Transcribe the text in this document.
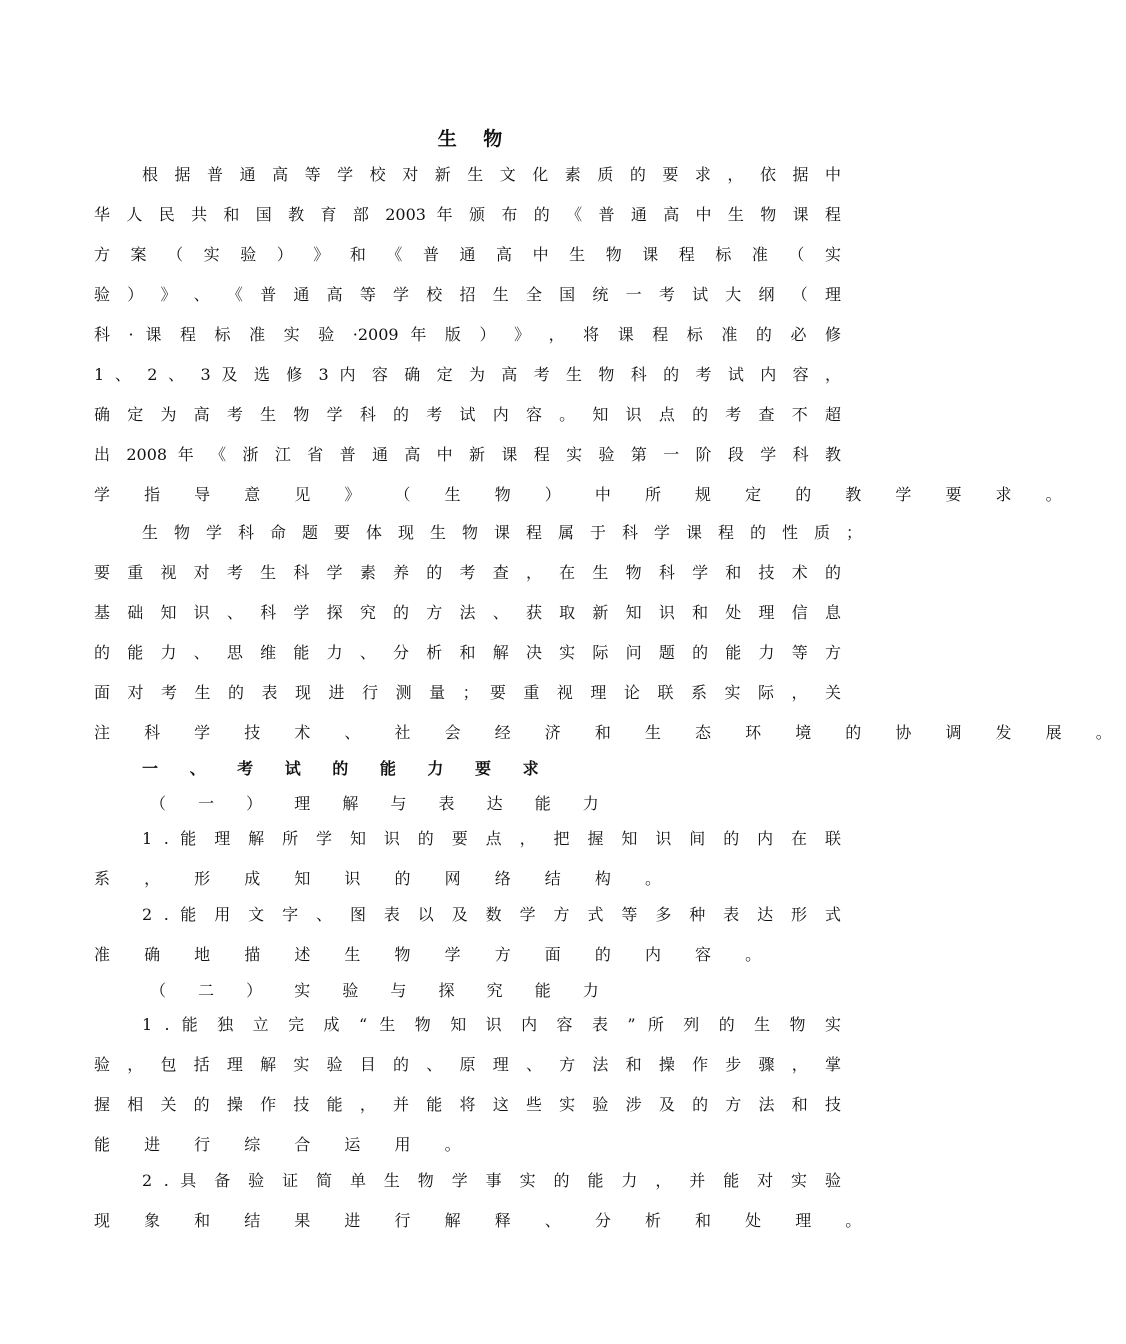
生 物
根 据 普 通 高 等 学 校 对 新 生 文 化 素 质 的 要 求 ， 依 据 中
华 人 民 共 和 国 教 育 部 2003 年 颁 布 的 《 普 通 高 中 生 物 课 程
方 案 （ 实 验 ） 》 和 《 普 通 高 中 生 物 课 程 标 准 （ 实
验 ） 》 、 《 普 通 高 等 学 校 招 生 全 国 统 一 考 试 大 纲 （ 理
科 · 课 程 标 准 实 验 ·2009 年 版 ） 》 ， 将 课 程 标 准 的 必 修
1 、 2 、 3 及 选 修 3 内 容 确 定 为 高 考 生 物 科 的 考 试 内 容 ，
确 定 为 高 考 生 物 学 科 的 考 试 内 容 。 知 识 点 的 考 查 不 超
出 2008 年 《 浙 江 省 普 通 高 中 新 课 程 实 验 第 一 阶 段 学 科 教
学 指 导 意 见 》 （ 生 物 ） 中 所 规 定 的 教 学 要 求 。
生 物 学 科 命 题 要 体 现 生 物 课 程 属 于 科 学 课 程 的 性 质 ；
要 重 视 对 考 生 科 学 素 养 的 考 查 ， 在 生 物 科 学 和 技 术 的
基 础 知 识 、 科 学 探 究 的 方 法 、 获 取 新 知 识 和 处 理 信 息
的 能 力 、 思 维 能 力 、 分 析 和 解 决 实 际 问 题 的 能 力 等 方
面 对 考 生 的 表 现 进 行 测 量 ； 要 重 视 理 论 联 系 实 际 ， 关
注 科 学 技 术 、 社 会 经 济 和 生 态 环 境 的 协 调 发 展 。
一 、 考 试 的 能 力 要 求
（ 一 ） 理 解 与 表 达 能 力
1 . 能 理 解 所 学 知 识 的 要 点 ， 把 握 知 识 间 的 内 在 联
系 ， 形 成 知 识 的 网 络 结 构 。
2 . 能 用 文 字 、 图 表 以 及 数 学 方 式 等 多 种 表 达 形 式
准 确 地 描 述 生 物 学 方 面 的 内 容 。
（ 二 ） 实 验 与 探 究 能 力
1 . 能 独 立 完 成 “ 生 物 知 识 内 容 表 ” 所 列 的 生 物 实
验 ， 包 括 理 解 实 验 目 的 、 原 理 、 方 法 和 操 作 步 骤 ， 掌
握 相 关 的 操 作 技 能 ， 并 能 将 这 些 实 验 涉 及 的 方 法 和 技
能 进 行 综 合 运 用 。
2 . 具 备 验 证 简 单 生 物 学 事 实 的 能 力 ， 并 能 对 实 验
现 象 和 结 果 进 行 解 释 、 分 析 和 处 理 。
